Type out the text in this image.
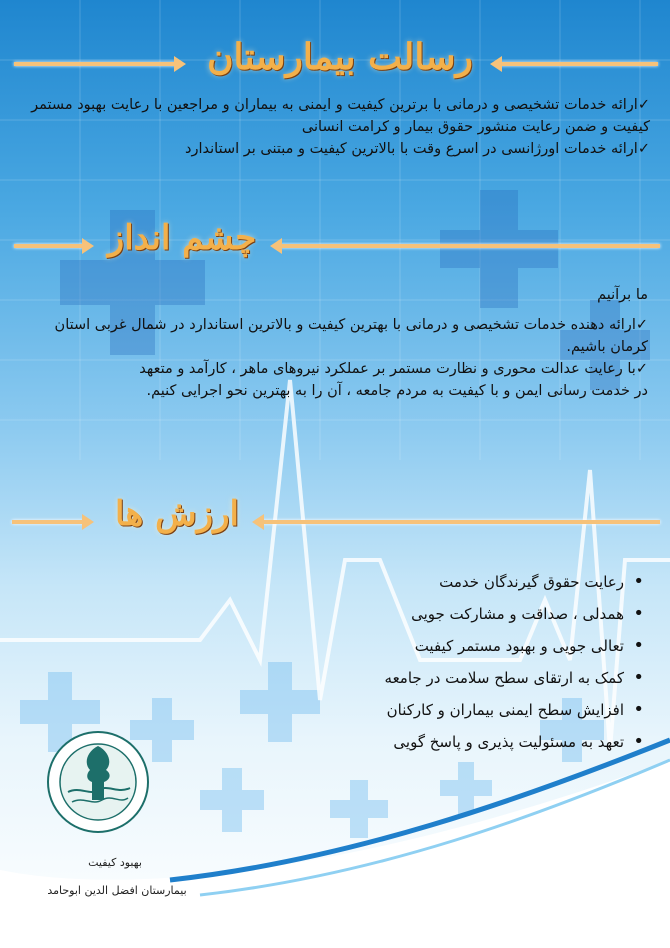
رسالت بیمارستان

✓ارائه خدمات تشخیصی و درمانی با برترین کیفیت و ایمنی به بیماران و مراجعین با رعایت بهبود مستمر کیفیت و ضمن رعایت منشور حقوق بیمار و کرامت انسانی

✓ارائه خدمات اورژانسی در اسرع وقت با بالاترین کیفیت و مبتنی بر استاندارد

چشم انداز

ما برآنیم

✓ارائه دهنده خدمات تشخیصی و درمانی با بهترین کیفیت و بالاترین استاندارد در شمال غربی استان کرمان باشیم.

✓با رعایت عدالت محوری و نظارت مستمر بر عملکرد نیروهای ماهر ، کارآمد و متعهد در خدمت رسانی ایمن و با کیفیت به مردم جامعه ، آن را به بهترین نحو اجرایی کنیم.

ارزش ها
• رعایت حقوق گیرندگان خدمت
• همدلی ، صداقت و مشارکت جویی
• تعالی جویی و بهبود مستمر کیفیت
• کمک به ارتقای سطح سلامت در جامعه
• افزایش سطح ایمنی بیماران و کارکنان
• تعهد به مسئولیت پذیری و پاسخ گویی
بهبود کیفیت
بیمارستان افضل الدین ابوحامد
